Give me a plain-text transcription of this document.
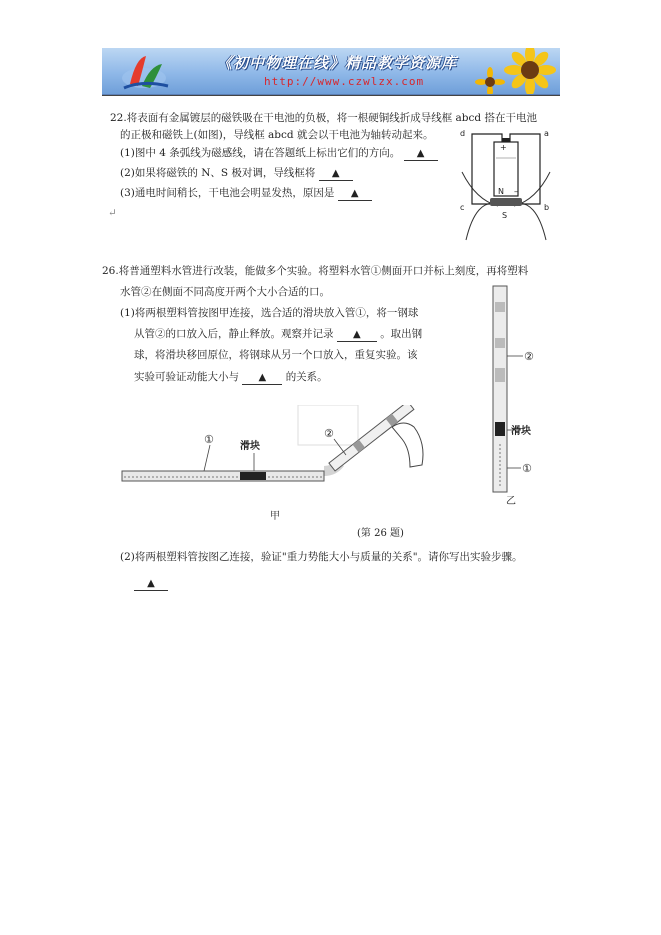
《初中物理在线》精品教学资源库
http://www.czwlzx.com
22.将表面有金属镀层的磁铁吸在干电池的负极，将一根硬铜线折成导线框 abcd 搭在干电池
的正极和磁铁上(如图)，导线框 abcd 就会以干电池为轴转动起来。
(1)图中 4 条弧线为磁感线，请在答题纸上标出它们的方向。 ▲
(2)如果将磁铁的 N、S 极对调，导线框将 ▲
(3)通电时间稍长，干电池会明显发热，原因是 ▲
↵
+
–
N
S
a
b
c
d
26.将普通塑料水管进行改装，能做多个实验。将塑料水管①侧面开口并标上刻度，再将塑料
水管②在侧面不同高度开两个大小合适的口。
(1)将两根塑料管按图甲连接，选合适的滑块放入管①，将一钢球
从管②的口放入后，静止释放。观察并记录 ▲ 。取出钢
球，将滑块移回原位，将钢球从另一个口放入，重复实验。该
实验可验证动能大小与 ▲ 的关系。
①
滑块
②
甲
②
滑块
①
乙
(第 26 题)
(2)将两根塑料管按图乙连接，验证"重力势能大小与质量的关系"。请你写出实验步骤。
▲
